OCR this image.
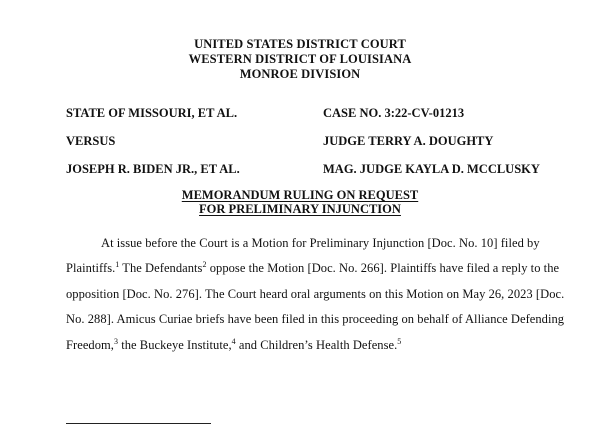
UNITED STATES DISTRICT COURT
WESTERN DISTRICT OF LOUISIANA
MONROE DIVISION
STATE OF MISSOURI, ET AL.
VERSUS
JOSEPH R. BIDEN JR., ET AL.
CASE NO. 3:22-CV-01213
JUDGE TERRY A. DOUGHTY
MAG. JUDGE KAYLA D. MCCLUSKY
MEMORANDUM RULING ON REQUEST
FOR PRELIMINARY INJUNCTION
At issue before the Court is a Motion for Preliminary Injunction [Doc. No. 10] filed by
Plaintiffs.$^1$ The Defendants$^2$ oppose the Motion [Doc. No. 266]. Plaintiffs have filed a reply to the
opposition [Doc. No. 276]. The Court heard oral arguments on this Motion on May 26, 2023 [Doc.
No. 288]. Amicus Curiae briefs have been filed in this proceeding on behalf of Alliance Defending
Freedom,$^3$ the Buckeye Institute,$^4$ and Children’s Health Defense.$^5$
